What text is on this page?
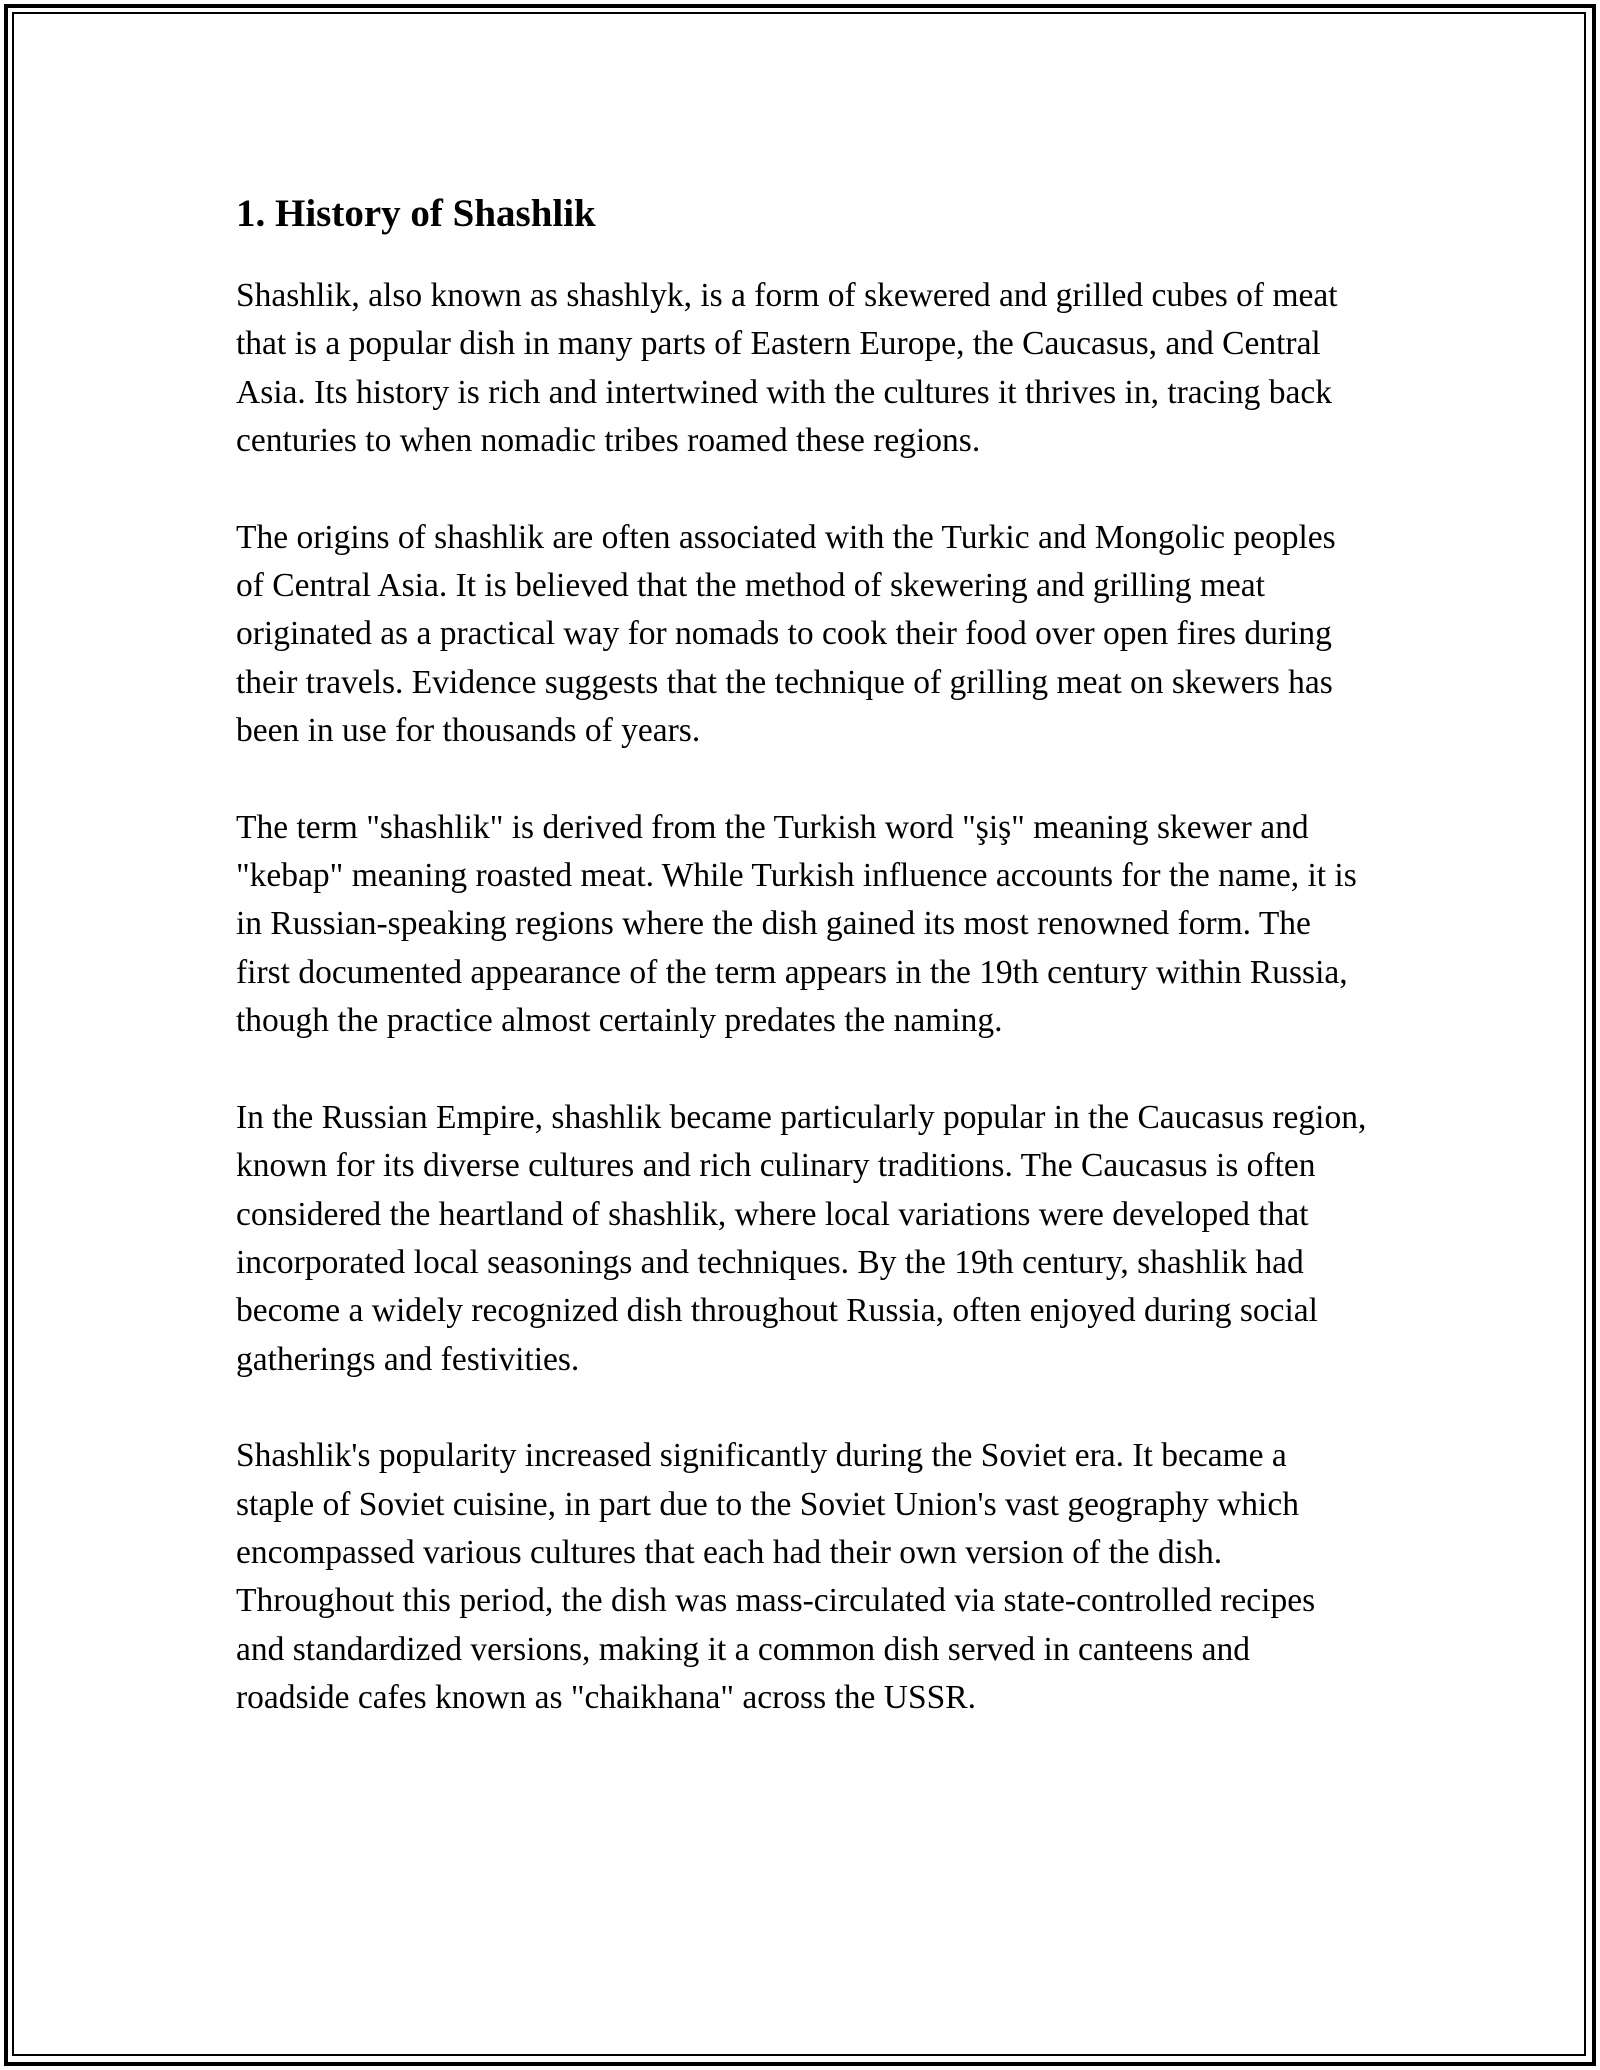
1. History of Shashlik

Shashlik, also known as shashlyk, is a form of skewered and grilled cubes of meat that is a popular dish in many parts of Eastern Europe, the Caucasus, and Central Asia. Its history is rich and intertwined with the cultures it thrives in, tracing back centuries to when nomadic tribes roamed these regions.

The origins of shashlik are often associated with the Turkic and Mongolic peoples of Central Asia. It is believed that the method of skewering and grilling meat originated as a practical way for nomads to cook their food over open fires during their travels. Evidence suggests that the technique of grilling meat on skewers has been in use for thousands of years.

The term "shashlik" is derived from the Turkish word "şiş" meaning skewer and "kebap" meaning roasted meat. While Turkish influence accounts for the name, it is in Russian-speaking regions where the dish gained its most renowned form. The first documented appearance of the term appears in the 19th century within Russia, though the practice almost certainly predates the naming.

In the Russian Empire, shashlik became particularly popular in the Caucasus region, known for its diverse cultures and rich culinary traditions. The Caucasus is often considered the heartland of shashlik, where local variations were developed that incorporated local seasonings and techniques. By the 19th century, shashlik had become a widely recognized dish throughout Russia, often enjoyed during social gatherings and festivities.

Shashlik's popularity increased significantly during the Soviet era. It became a staple of Soviet cuisine, in part due to the Soviet Union's vast geography which encompassed various cultures that each had their own version of the dish. Throughout this period, the dish was mass-circulated via state-controlled recipes and standardized versions, making it a common dish served in canteens and roadside cafes known as "chaikhana" across the USSR.
